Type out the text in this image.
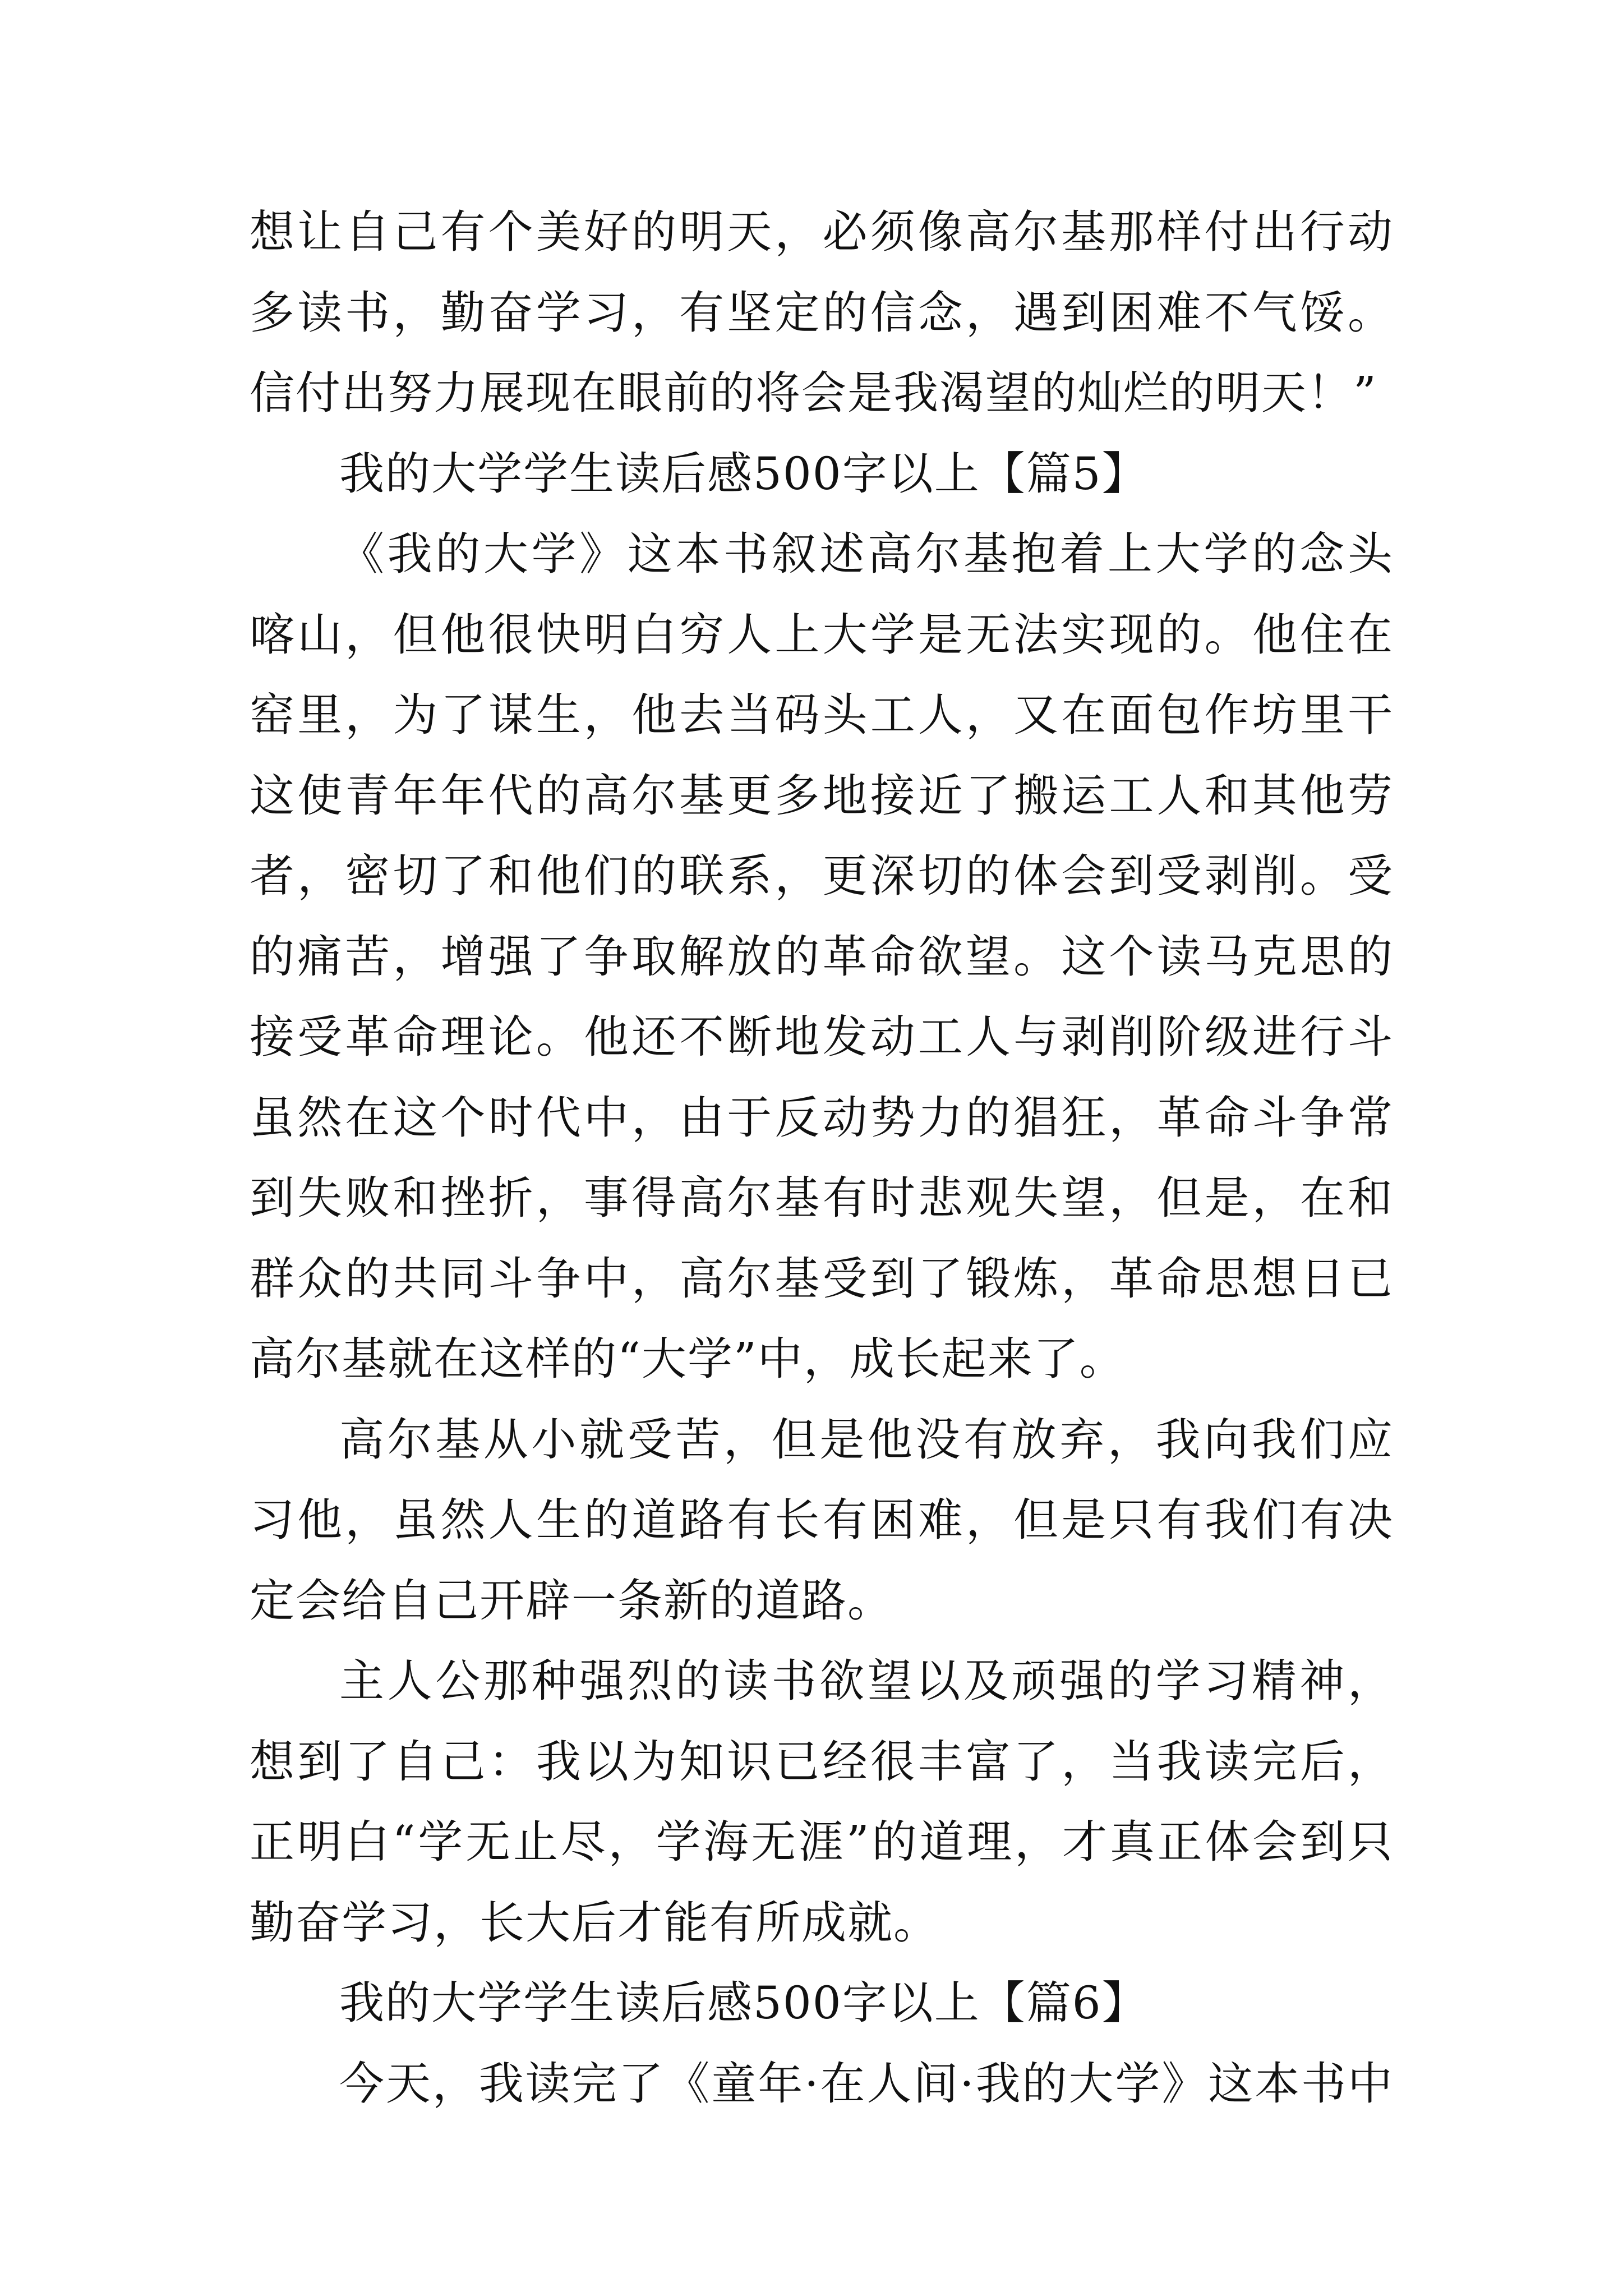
想让自己有个美好的明天，必须像高尔基那样付出行动
多读书，勤奋学习，有坚定的信念，遇到困难不气馁。
信付出努力展现在眼前的将会是我渴望的灿烂的明天！”
我的大学学生读后感500字以上【篇5】
《我的大学》这本书叙述高尔基抱着上大学的念头
喀山，但他很快明白穷人上大学是无法实现的。他住在
窑里，为了谋生，他去当码头工人，又在面包作坊里干
这使青年年代的高尔基更多地接近了搬运工人和其他劳
者，密切了和他们的联系，更深切的体会到受剥削。受
的痛苦，增强了争取解放的革命欲望。这个读马克思的
接受革命理论。他还不断地发动工人与剥削阶级进行斗
虽然在这个时代中，由于反动势力的猖狂，革命斗争常
到失败和挫折，事得高尔基有时悲观失望，但是，在和
群众的共同斗争中，高尔基受到了锻炼，革命思想日已
高尔基就在这样的“大学”中，成长起来了。
高尔基从小就受苦，但是他没有放弃，我向我们应
习他，虽然人生的道路有长有困难，但是只有我们有决
定会给自己开辟一条新的道路。
主人公那种强烈的读书欲望以及顽强的学习精神，
想到了自己：我以为知识已经很丰富了，当我读完后，
正明白“学无止尽，学海无涯”的道理，才真正体会到只
勤奋学习，长大后才能有所成就。
我的大学学生读后感500字以上【篇6】
今天，我读完了《童年·在人间·我的大学》这本书中
